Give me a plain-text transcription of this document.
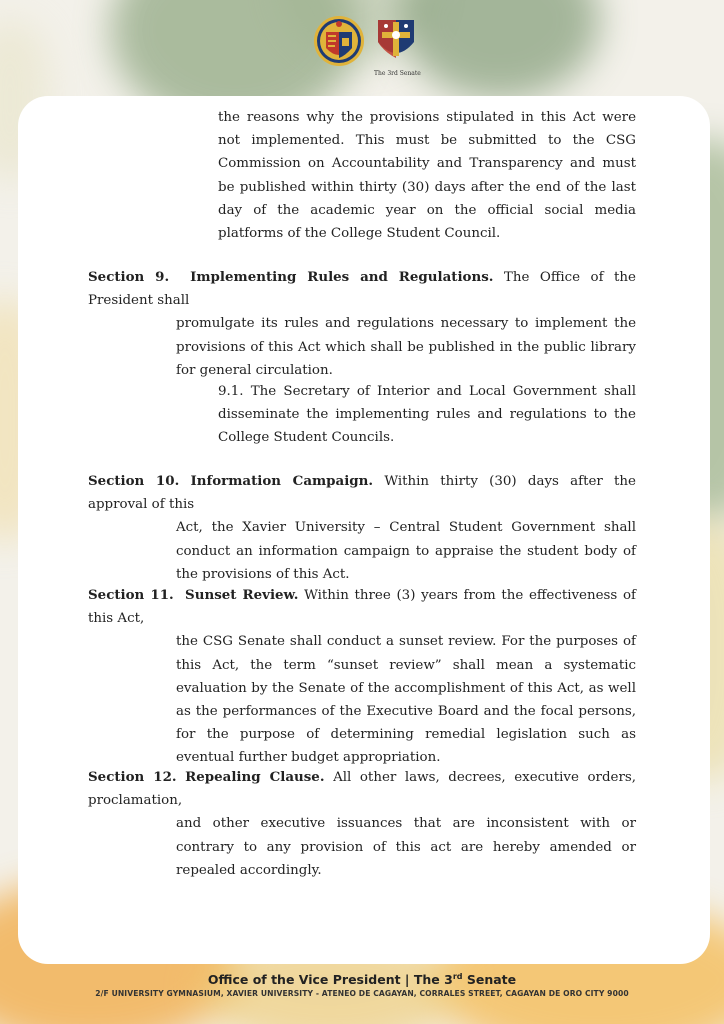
The 3rd Senate
the reasons why the provisions stipulated in this Act were not implemented. This must be submitted to the CSG Commission on Accountability and Transparency and must be published within thirty (30) days after the end of the last day of the academic year on the official social media platforms of the College Student Council.
Section 9. Implementing Rules and Regulations. The Office of the President shall
promulgate its rules and regulations necessary to implement the provisions of this Act which shall be published in the public library for general circulation.
9.1. The Secretary of Interior and Local Government shall disseminate the implementing rules and regulations to the College Student Councils.
Section 10. Information Campaign. Within thirty (30) days after the approval of this
Act, the Xavier University – Central Student Government shall conduct an information campaign to appraise the student body of the provisions of this Act.
Section 11. Sunset Review. Within three (3) years from the effectiveness of this Act,
the CSG Senate shall conduct a sunset review. For the purposes of this Act, the term “sunset review” shall mean a systematic evaluation by the Senate of the accomplishment of this Act, as well as the performances of the Executive Board and the focal persons, for the purpose of determining remedial legislation such as eventual further budget appropriation.
Section 12. Repealing Clause. All other laws, decrees, executive orders, proclamation,
and other executive issuances that are inconsistent with or contrary to any provision of this act are hereby amended or repealed accordingly.
Office of the Vice President | The 3rd Senate
2/F UNIVERSITY GYMNASIUM, XAVIER UNIVERSITY - ATENEO DE CAGAYAN, CORRALES STREET, CAGAYAN DE ORO CITY 9000
